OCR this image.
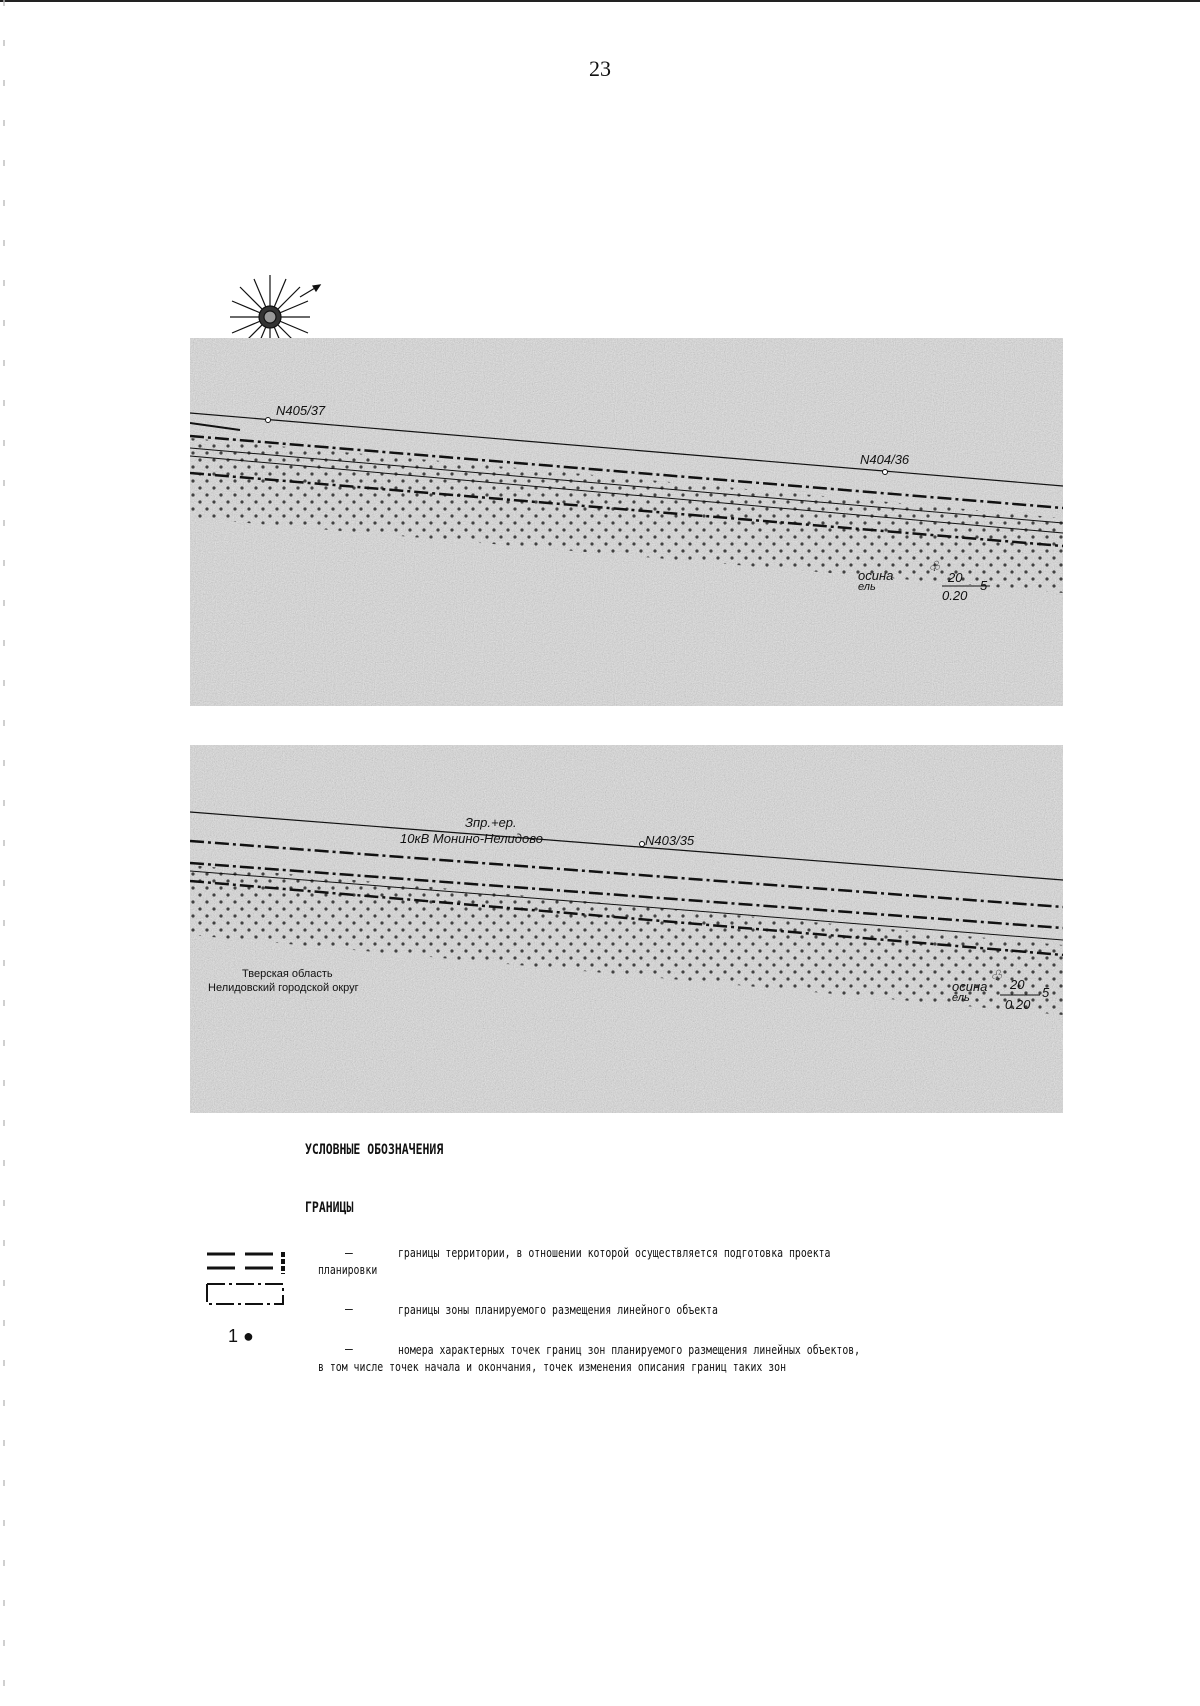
23
N405/37
N404/36
осина
ель
♧
20
0.20
5
Зпр.+ер.
10кВ Монино-Нелидово	N403/35
Тверская область
Нелидовский городской округ	осина
ель
♧
20
0.20
5
УСЛОВНЫЕ ОБОЗНАЧЕНИЯ
ГРАНИЦЫ
1 ●
–	границы территории, в отношении которой осуществляется подготовка проекта
планировки
–	границы зоны планируемого размещения линейного объекта
–	номера характерных точек границ зон планируемого размещения линейных объектов,
в том числе точек начала и окончания, точек изменения описания границ таких зон
